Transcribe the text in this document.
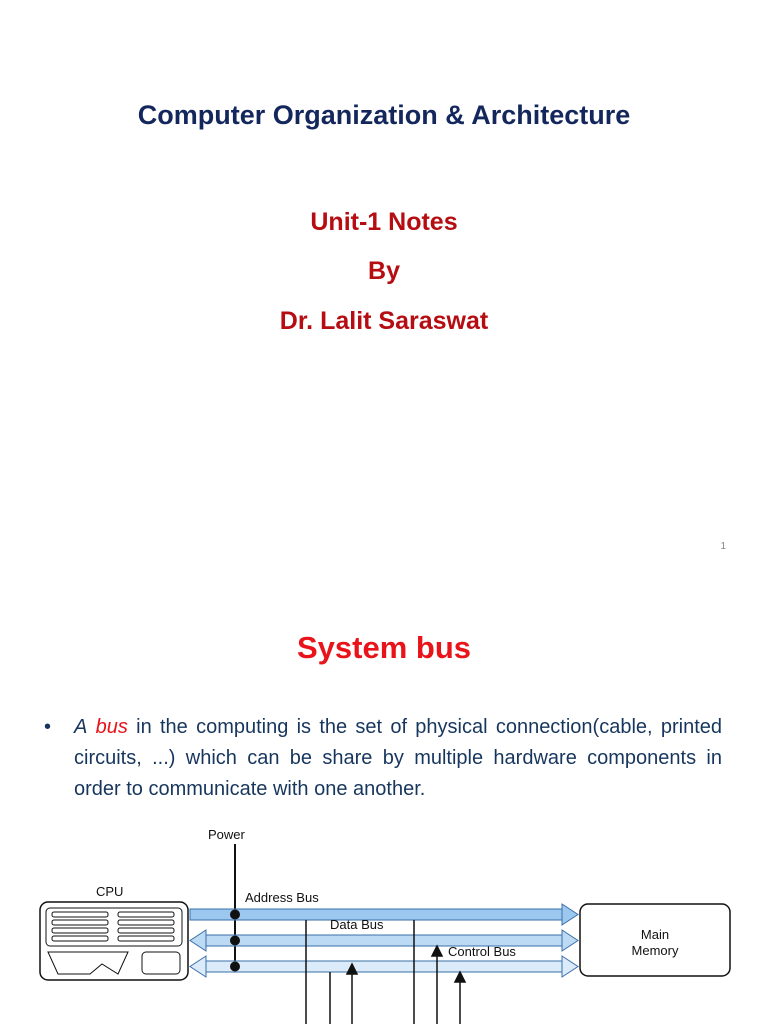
Computer Organization & Architecture
Unit-1 Notes
By
Dr. Lalit Saraswat
1
System bus
• A bus in the computing is the set of physical connection(cable, printed circuits, ...) which can be share by multiple hardware components in order to communicate with one another.
Power
CPU
Main
Memory
Address Bus
Data Bus
Control Bus
